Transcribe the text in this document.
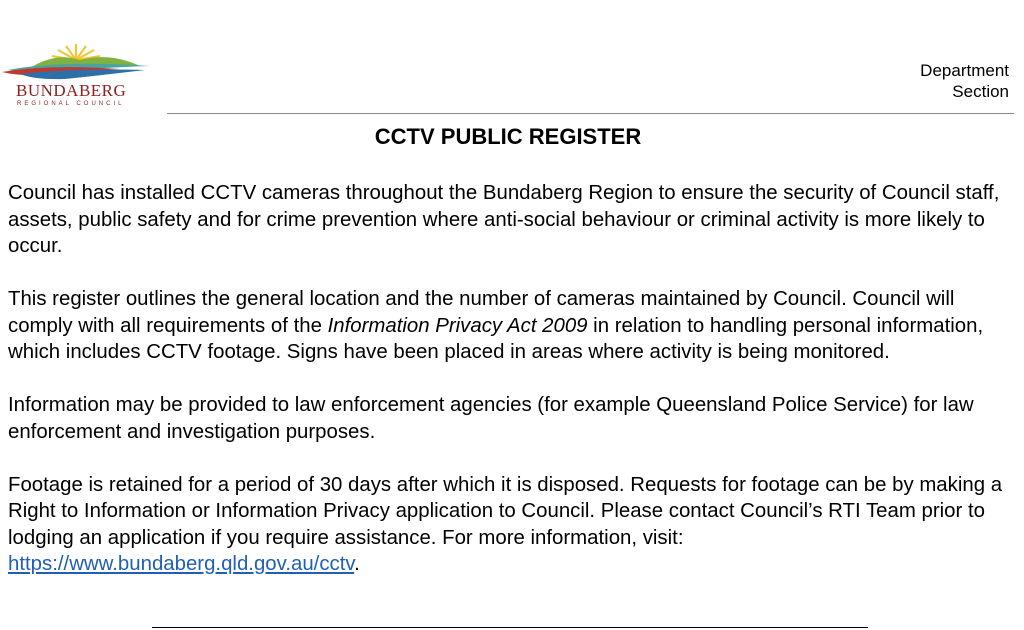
BUNDABERG
REGIONAL COUNCIL
Department
Section
CCTV PUBLIC REGISTER

Council has installed CCTV cameras throughout the Bundaberg Region to ensure the security of Council staff, assets, public safety and for crime prevention where anti-social behaviour or criminal activity is more likely to occur.

This register outlines the general location and the number of cameras maintained by Council. Council will comply with all requirements of the Information Privacy Act 2009 in relation to handling personal information, which includes CCTV footage. Signs have been placed in areas where activity is being monitored.

Information may be provided to law enforcement agencies (for example Queensland Police Service) for law enforcement and investigation purposes.

Footage is retained for a period of 30 days after which it is disposed. Requests for footage can be by making a Right to Information or Information Privacy application to Council. Please contact Council’s RTI Team prior to lodging an application if you require assistance. For more information, visit: https://www.bundaberg.qld.gov.au/cctv.
